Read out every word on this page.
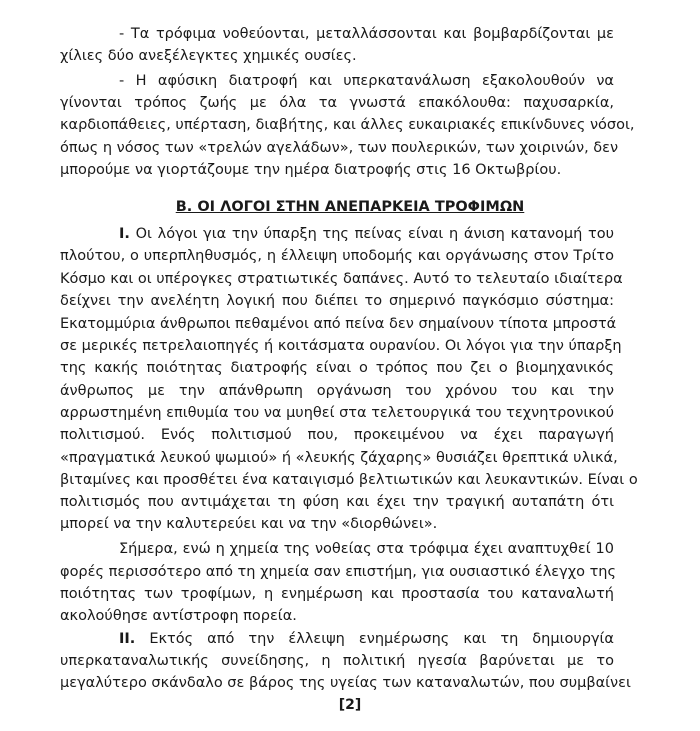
- Τα τρόφιμα νοθεύονται, μεταλλάσσονται και βομβαρδίζονται με
χίλιες δύο ανεξέλεγκτες χημικές ουσίες.
- Η αφύσικη διατροφή και υπερκατανάλωση εξακολουθούν να
γίνονται τρόπος ζωής με όλα τα γνωστά επακόλουθα: παχυσαρκία,
καρδιοπάθειες, υπέρταση, διαβήτης, και άλλες ευκαιριακές επικίνδυνες νόσοι,
όπως η νόσος των «τρελών αγελάδων», των πουλερικών, των χοιρινών, δεν
μπορούμε να γιορτάζουμε την ημέρα διατροφής στις 16 Οκτωβρίου.
Β. ΟΙ ΛΟΓΟΙ ΣΤΗΝ ΑΝΕΠΑΡΚΕΙΑ ΤΡΟΦΙΜΩΝ
Ι. Οι λόγοι για την ύπαρξη της πείνας είναι η άνιση κατανομή του
πλούτου, ο υπερπληθυσμός, η έλλειψη υποδομής και οργάνωσης στον Τρίτο
Κόσμο και οι υπέρογκες στρατιωτικές δαπάνες. Αυτό το τελευταίο ιδιαίτερα
δείχνει την ανελέητη λογική που διέπει το σημερινό παγκόσμιο σύστημα:
Εκατομμύρια άνθρωποι πεθαμένοι από πείνα δεν σημαίνουν τίποτα μπροστά
σε μερικές πετρελαιοπηγές ή κοιτάσματα ουρανίου. Οι λόγοι για την ύπαρξη
της κακής ποιότητας διατροφής είναι ο τρόπος που ζει ο βιομηχανικός
άνθρωπος με την απάνθρωπη οργάνωση του χρόνου του και την
αρρωστημένη επιθυμία του να μυηθεί στα τελετουργικά του τεχνητρονικού
πολιτισμού. Ενός πολιτισμού που, προκειμένου να έχει παραγωγή
«πραγματικά λευκού ψωμιού» ή «λευκής ζάχαρης» θυσιάζει θρεπτικά υλικά,
βιταμίνες και προσθέτει ένα καταιγισμό βελτιωτικών και λευκαντικών. Είναι ο
πολιτισμός που αντιμάχεται τη φύση και έχει την τραγική αυταπάτη ότι
μπορεί να την καλυτερεύει και να την «διορθώνει».
Σήμερα, ενώ η χημεία της νοθείας στα τρόφιμα έχει αναπτυχθεί 10
φορές περισσότερο από τη χημεία σαν επιστήμη, για ουσιαστικό έλεγχο της
ποιότητας των τροφίμων, η ενημέρωση και προστασία του καταναλωτή
ακολούθησε αντίστροφη πορεία.
ΙΙ. Εκτός από την έλλειψη ενημέρωσης και τη δημιουργία
υπερκαταναλωτικής συνείδησης, η πολιτική ηγεσία βαρύνεται με το
μεγαλύτερο σκάνδαλο σε βάρος της υγείας των καταναλωτών, που συμβαίνει
[2]
